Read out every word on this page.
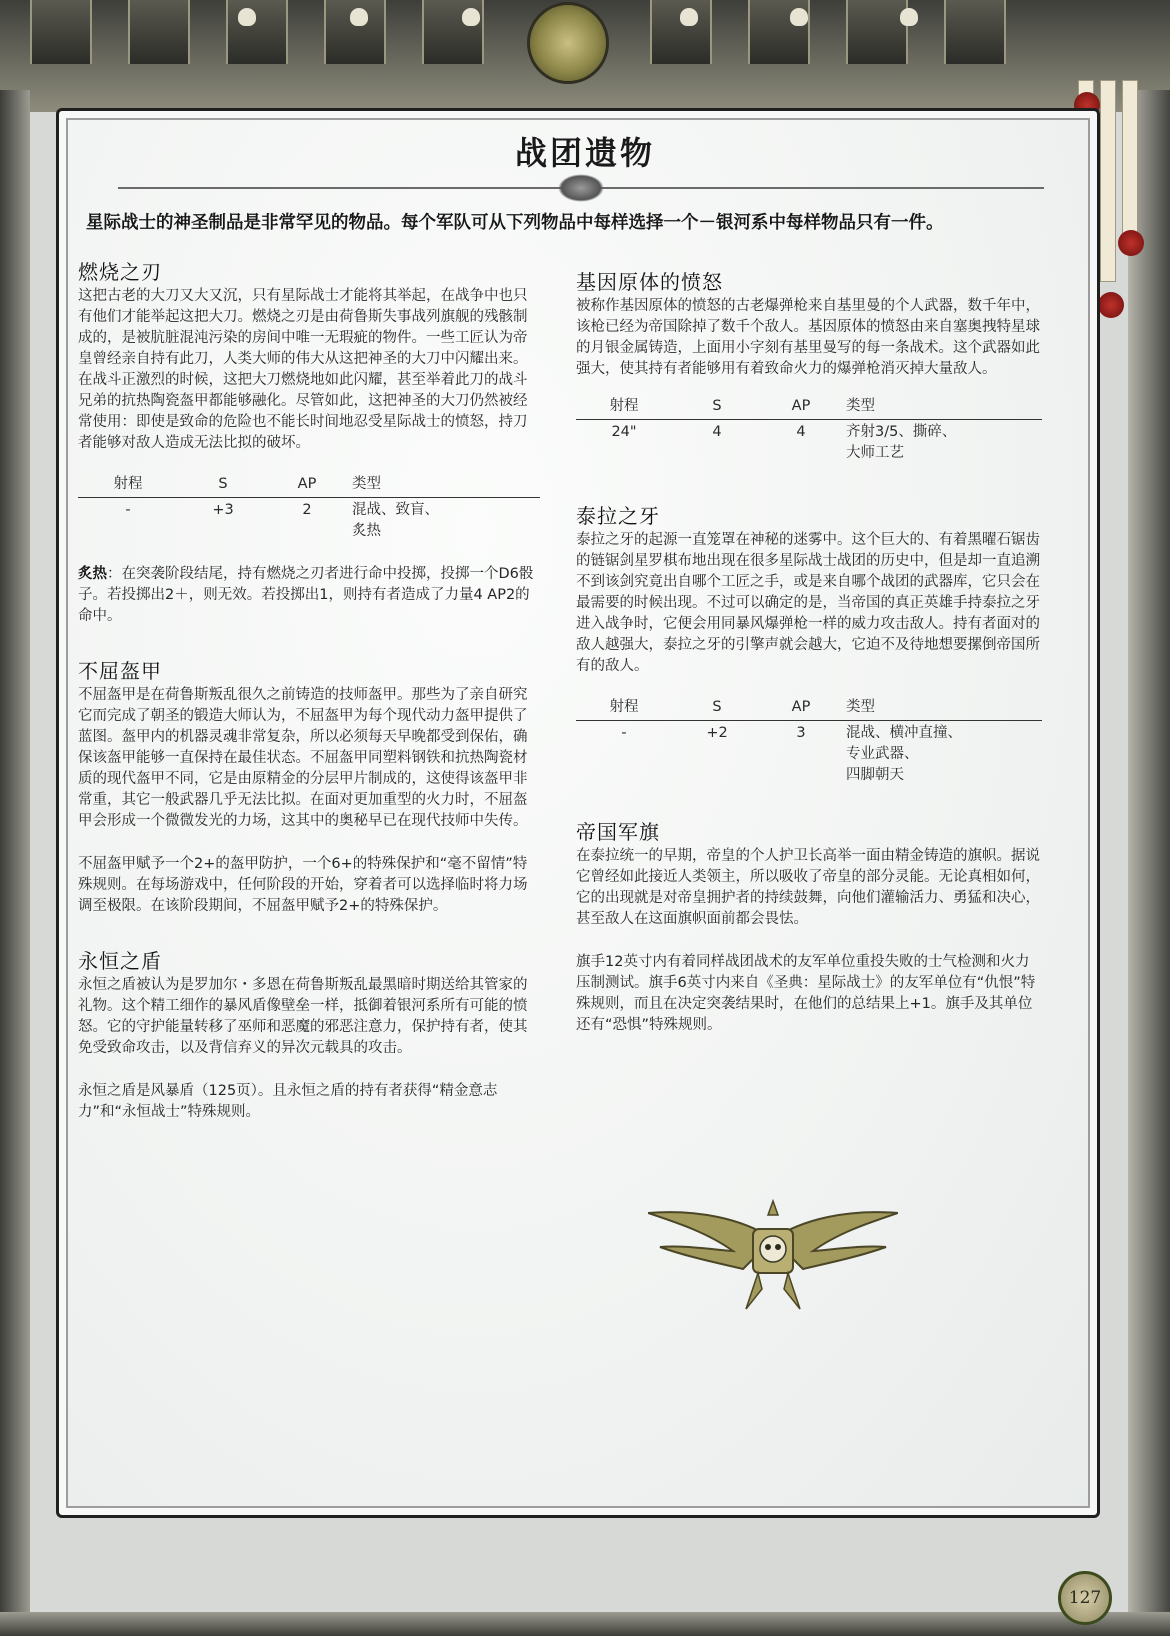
战团遗物
星际战士的神圣制品是非常罕见的物品。每个军队可从下列物品中每样选择一个－银河系中每样物品只有一件。
燃烧之刃

这把古老的大刀又大又沉，只有星际战士才能将其举起，在战争中也只有他们才能举起这把大刀。燃烧之刃是由荷鲁斯失事战列旗舰的残骸制成的，是被肮脏混沌污染的房间中唯一无瑕疵的物件。一些工匠认为帝皇曾经亲自持有此刀，人类大师的伟大从这把神圣的大刀中闪耀出来。在战斗正激烈的时候，这把大刀燃烧地如此闪耀，甚至举着此刀的战斗兄弟的抗热陶瓷盔甲都能够融化。尽管如此，这把神圣的大刀仍然被经常使用：即使是致命的危险也不能长时间地忍受星际战士的愤怒，持刀者能够对敌人造成无法比拟的破坏。

射程	S	AP	类型
-	+3	2	混战、致盲、
炙热

炙热：在突袭阶段结尾，持有燃烧之刃者进行命中投掷，投掷一个D6骰子。若投掷出2＋，则无效。若投掷出1，则持有者造成了力量4 AP2的命中。

不屈盔甲

不屈盔甲是在荷鲁斯叛乱很久之前铸造的技师盔甲。那些为了亲自研究它而完成了朝圣的锻造大师认为，不屈盔甲为每个现代动力盔甲提供了蓝图。盔甲内的机器灵魂非常复杂，所以必须每天早晚都受到保佑，确保该盔甲能够一直保持在最佳状态。不屈盔甲同塑料钢铁和抗热陶瓷材质的现代盔甲不同，它是由原精金的分层甲片制成的，这使得该盔甲非常重，其它一般武器几乎无法比拟。在面对更加重型的火力时，不屈盔甲会形成一个微微发光的力场，这其中的奥秘早已在现代技师中失传。

不屈盔甲赋予一个2+的盔甲防护，一个6+的特殊保护和“毫不留情”特殊规则。在每场游戏中，任何阶段的开始，穿着者可以选择临时将力场调至极限。在该阶段期间，不屈盔甲赋予2+的特殊保护。

永恒之盾

永恒之盾被认为是罗加尔・多恩在荷鲁斯叛乱最黑暗时期送给其管家的礼物。这个精工细作的暴风盾像壁垒一样，抵御着银河系所有可能的愤怒。它的守护能量转移了巫师和恶魔的邪恶注意力，保护持有者，使其免受致命攻击，以及背信弃义的异次元载具的攻击。

永恒之盾是风暴盾（125页）。且永恒之盾的持有者获得“精金意志力”和“永恒战士”特殊规则。

基因原体的愤怒

被称作基因原体的愤怒的古老爆弹枪来自基里曼的个人武器，数千年中，该枪已经为帝国除掉了数千个敌人。基因原体的愤怒由来自塞奥拽特星球的月银金属铸造，上面用小字刻有基里曼写的每一条战术。这个武器如此强大，使其持有者能够用有着致命火力的爆弹枪消灭掉大量敌人。

射程	S	AP	类型
24"	4	4	齐射3/5、撕碎、
大师工艺
泰拉之牙

泰拉之牙的起源一直笼罩在神秘的迷雾中。这个巨大的、有着黑曜石锯齿的链锯剑星罗棋布地出现在很多星际战士战团的历史中，但是却一直追溯不到该剑究竟出自哪个工匠之手，或是来自哪个战团的武器库，它只会在最需要的时候出现。不过可以确定的是，当帝国的真正英雄手持泰拉之牙进入战争时，它便会用同暴风爆弹枪一样的威力攻击敌人。持有者面对的敌人越强大，泰拉之牙的引擎声就会越大，它迫不及待地想要摞倒帝国所有的敌人。

射程	S	AP	类型
-	+2	3	混战、横冲直撞、
专业武器、
四脚朝天
帝国军旗

在泰拉统一的早期，帝皇的个人护卫长高举一面由精金铸造的旗帜。据说它曾经如此接近人类领主，所以吸收了帝皇的部分灵能。无论真相如何，它的出现就是对帝皇拥护者的持续鼓舞，向他们灌输活力、勇猛和决心，甚至敌人在这面旗帜面前都会畏怯。

旗手12英寸内有着同样战团战术的友军单位重投失败的士气检测和火力压制测试。旗手6英寸内来自《圣典：星际战士》的友军单位有“仇恨”特殊规则，而且在决定突袭结果时，在他们的总结果上+1。旗手及其单位还有“恐惧”特殊规则。

127
